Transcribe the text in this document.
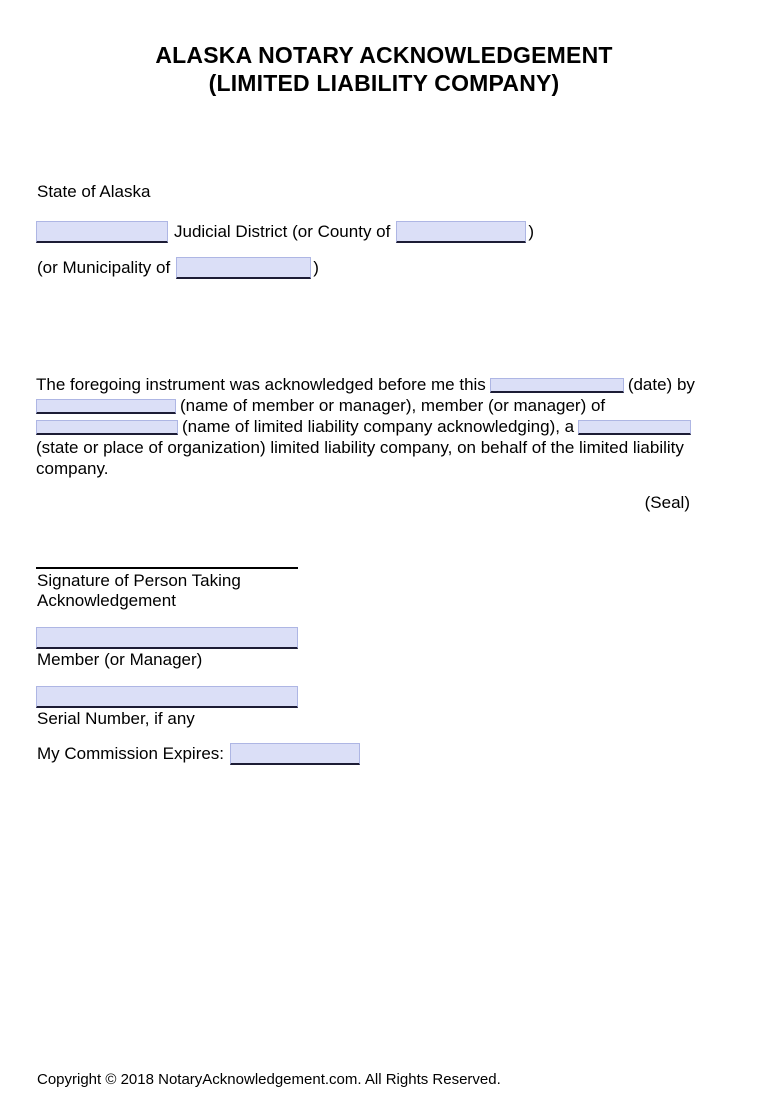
ALASKA NOTARY ACKNOWLEDGEMENT
(LIMITED LIABILITY COMPANY)
State of Alaska
Judicial District (or County of	)
(or Municipality of	)
The foregoing instrument was acknowledged before me this	(date) by
(name of member or manager), member (or manager) of
(name of limited liability company acknowledging), a
(state or place of organization) limited liability company, on behalf of the limited liability
company.
(Seal)
Signature of Person Taking
Acknowledgement
Member (or Manager)
Serial Number, if any
My Commission Expires:
Copyright © 2018 NotaryAcknowledgement.com. All Rights Reserved.
